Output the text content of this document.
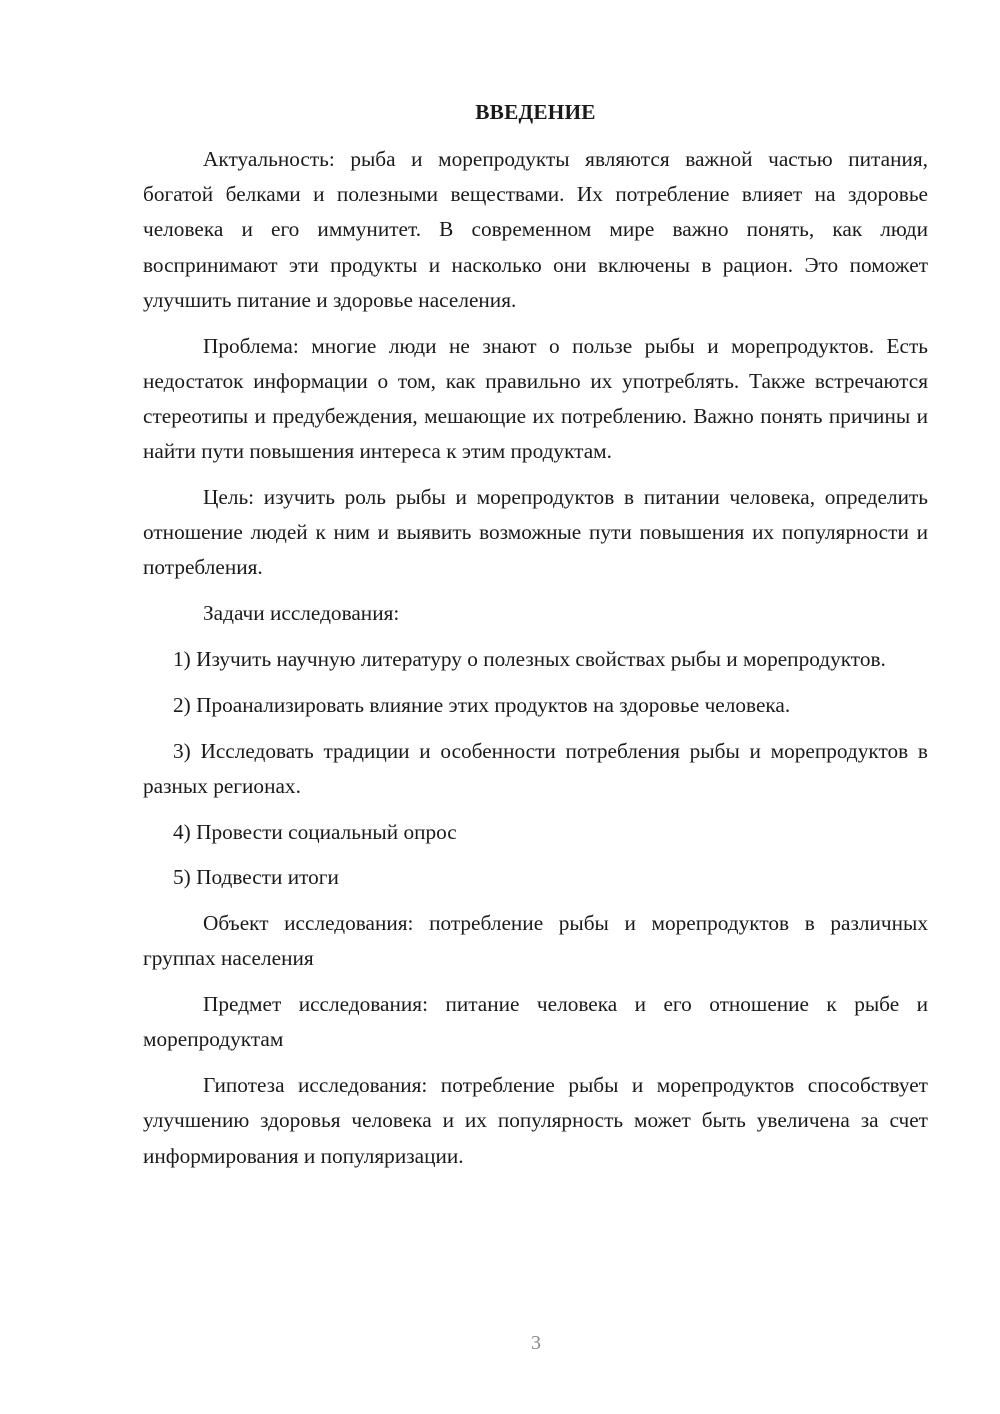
ВВЕДЕНИЕ

Актуальность: рыба и морепродукты являются важной частью питания, богатой белками и полезными веществами. Их потребление влияет на здоровье человека и его иммунитет. В современном мире важно понять, как люди воспринимают эти продукты и насколько они включены в рацион. Это поможет улучшить питание и здоровье населения.

Проблема: многие люди не знают о пользе рыбы и морепродуктов. Есть недостаток информации о том, как правильно их употреблять. Также встречаются стереотипы и предубеждения, мешающие их потреблению. Важно понять причины и найти пути повышения интереса к этим продуктам.

Цель: изучить роль рыбы и морепродуктов в питании человека, определить отношение людей к ним и выявить возможные пути повышения их популярности и потребления.

Задачи исследования:

1) Изучить научную литературу о полезных свойствах рыбы и морепродуктов.

2) Проанализировать влияние этих продуктов на здоровье человека.

3) Исследовать традиции и особенности потребления рыбы и морепродуктов в разных регионах.

4) Провести социальный опрос

5) Подвести итоги

Объект исследования: потребление рыбы и морепродуктов в различных группах населения

Предмет исследования: питание человека и его отношение к рыбе и морепродуктам

Гипотеза исследования: потребление рыбы и морепродуктов способствует улучшению здоровья человека и их популярность может быть увеличена за счет информирования и популяризации.

3
